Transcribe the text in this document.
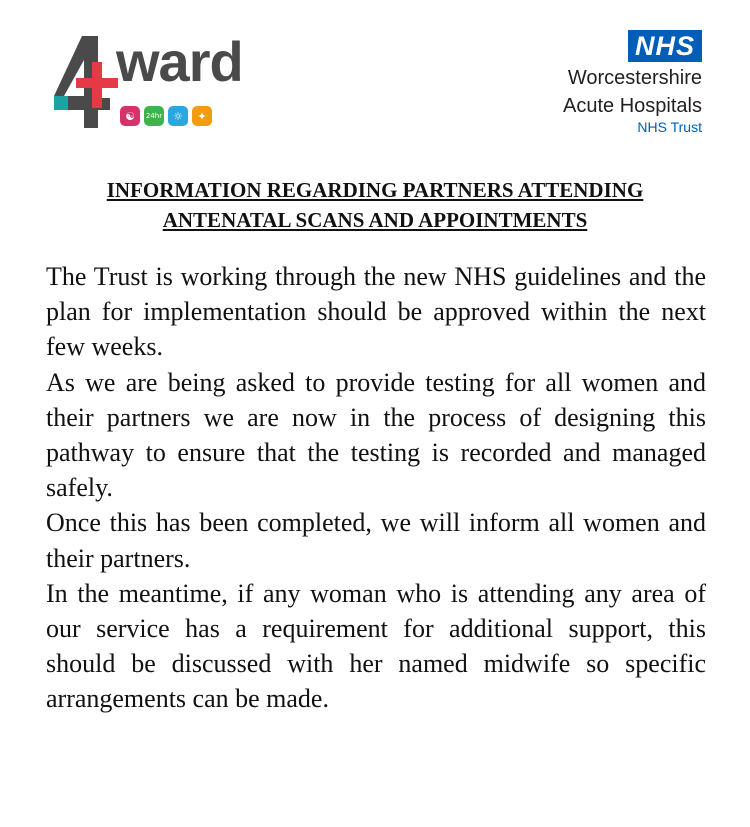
ward
☯	24hr ☼	✦
NHS
Worcestershire
Acute Hospitals
NHS Trust
INFORMATION REGARDING PARTNERS ATTENDING
ANTENATAL SCANS AND APPOINTMENTS

The Trust is working through the new NHS guidelines and the plan for implementation should be approved within the next few weeks.

As we are being asked to provide testing for all women and their partners we are now in the process of designing this pathway to ensure that the testing is recorded and managed safely.

Once this has been completed, we will inform all women and their partners.

In the meantime, if any woman who is attending any area of our service has a requirement for additional support, this should be discussed with her named midwife so specific arrangements can be made.
